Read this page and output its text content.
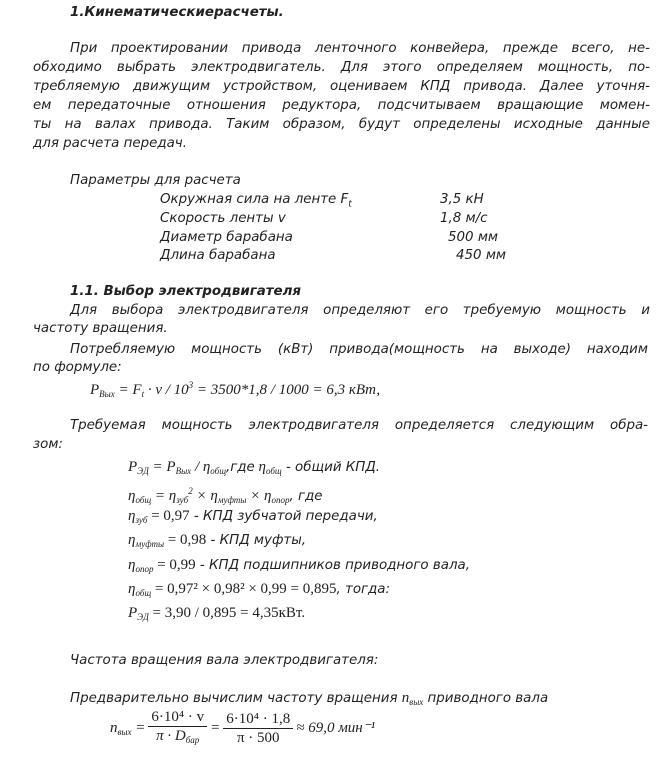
1.Кинематическиерасчеты.
При проектировании привода ленточного конвейера, прежде всего, не-
обходимо выбрать электродвигатель. Для этого определяем мощность, по-
требляемую движущим устройством, оцениваем КПД привода. Далее уточня-
ем передаточные отношения редуктора, подсчитываем вращающие момен-
ты на валах привода. Таким образом, будут определены исходные данные
для расчета передач.
Параметры для расчета
Окружная сила на ленте $F_t$	3,5 кН
Скорость ленты v	1,8 м/с
Диаметр барабана	500 мм
Длина барабана	450 мм
1.1. Выбор электродвигателя
Для выбора электродвигателя определяют его требуемую мощность и
частоту вращения.
Потребляемую мощность (кВт) привода(мощность на выходе) находим
по формуле:
$P_{Вых} = F_t \cdot v / 10^3 = 3500*1,8 / 1000 = 6,3$ кВт,
Требуемая мощность электродвигателя определяется следующим обра-
зом:
$P_{ЭД} = P_{Вых} / \eta_{общ},где$ $\eta_{общ}$ - общий КПД.
$\eta_{общ} = \eta_{зуб}^2 \times \eta_{муфты} \times \eta_{опор}$, где
$\eta_{зуб} = 0,97$ - КПД зубчатой передачи,
$\eta_{муфты} = 0,98$ - КПД муфты,
$\eta_{опор} = 0,99$ - КПД подшипников приводного вала,
$\eta_{общ} = 0,97^2 \times 0,98^2 \times 0,99 = 0,895$, тогда:
$P_{ЭД} = 3,90 / 0,895 = 4,35кВт$.
Частота вращения вала электродвигателя:
Предварительно вычислим частоту вращения $n_{вых}$ приводного вала
$n_{вых} = \frac{\text{6·10⁴ · v}}{\pi \cdot D_{бар}} = \frac{\text{6·10⁴ · 1,8}}{\pi \cdot 500} \approx 69,0$ мин⁻¹
